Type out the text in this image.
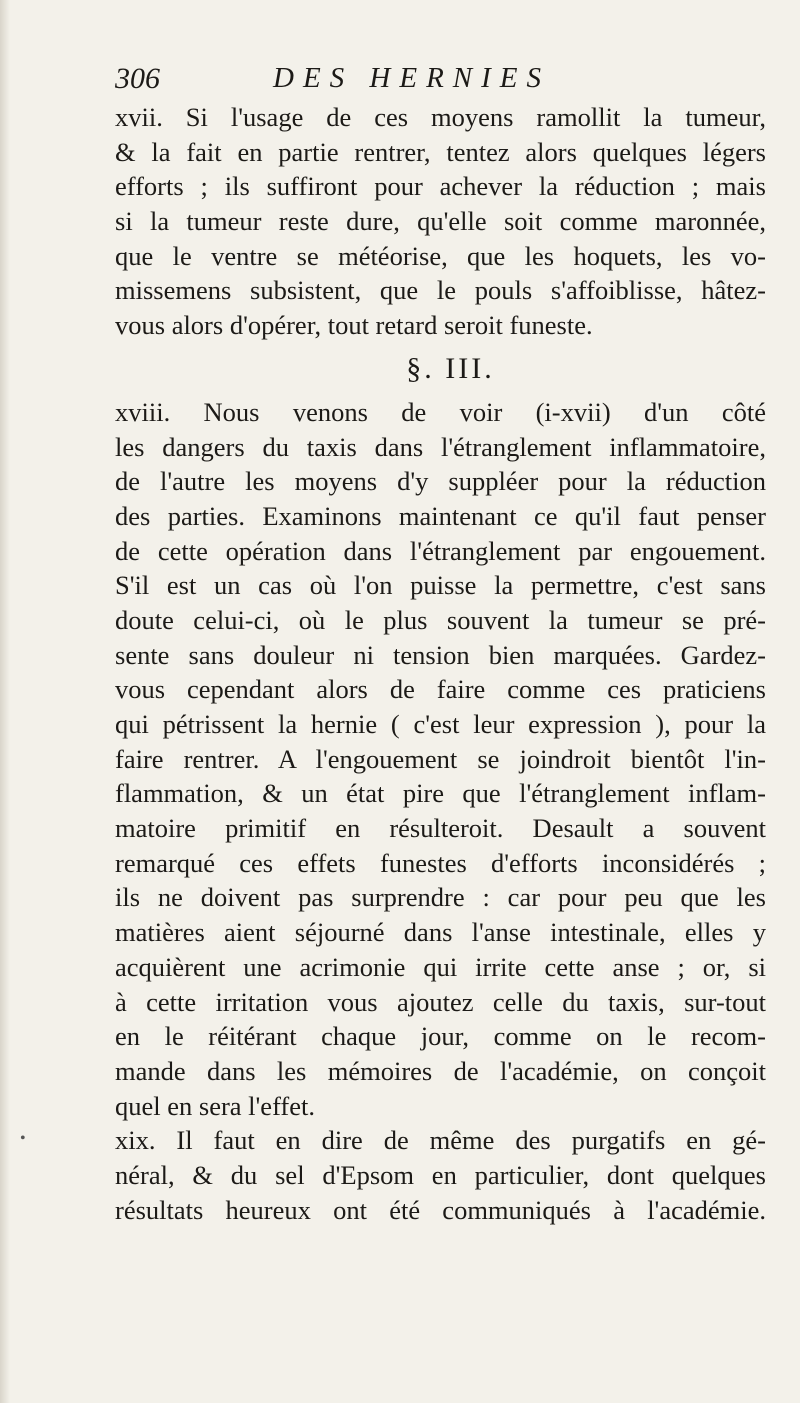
306	DES HERNIES
xvii. Si l'usage de ces moyens ramollit la tumeur,
& la fait en partie rentrer, tentez alors quelques légers
efforts ; ils suffiront pour achever la réduction ; mais
si la tumeur reste dure, qu'elle soit comme maronnée,
que le ventre se météorise, que les hoquets, les vo-
missemens subsistent, que le pouls s'affoiblisse, hâtez-
vous alors d'opérer, tout retard seroit funeste.
§. III.
xviii. Nous venons de voir (i-xvii) d'un côté
les dangers du taxis dans l'étranglement inflammatoire,
de l'autre les moyens d'y suppléer pour la réduction
des parties. Examinons maintenant ce qu'il faut penser
de cette opération dans l'étranglement par engouement.
S'il est un cas où l'on puisse la permettre, c'est sans
doute celui-ci, où le plus souvent la tumeur se pré-
sente sans douleur ni tension bien marquées. Gardez-
vous cependant alors de faire comme ces praticiens
qui pétrissent la hernie ( c'est leur expression ), pour la
faire rentrer. A l'engouement se joindroit bientôt l'in-
flammation, & un état pire que l'étranglement inflam-
matoire primitif en résulteroit. Desault a souvent
remarqué ces effets funestes d'efforts inconsidérés ;
ils ne doivent pas surprendre : car pour peu que les
matières aient séjourné dans l'anse intestinale, elles y
acquièrent une acrimonie qui irrite cette anse ; or, si
à cette irritation vous ajoutez celle du taxis, sur-tout
en le réitérant chaque jour, comme on le recom-
mande dans les mémoires de l'académie, on conçoit
quel en sera l'effet.
xix. Il faut en dire de même des purgatifs en gé-
néral, & du sel d'Epsom en particulier, dont quelques
résultats heureux ont été communiqués à l'académie.
•
